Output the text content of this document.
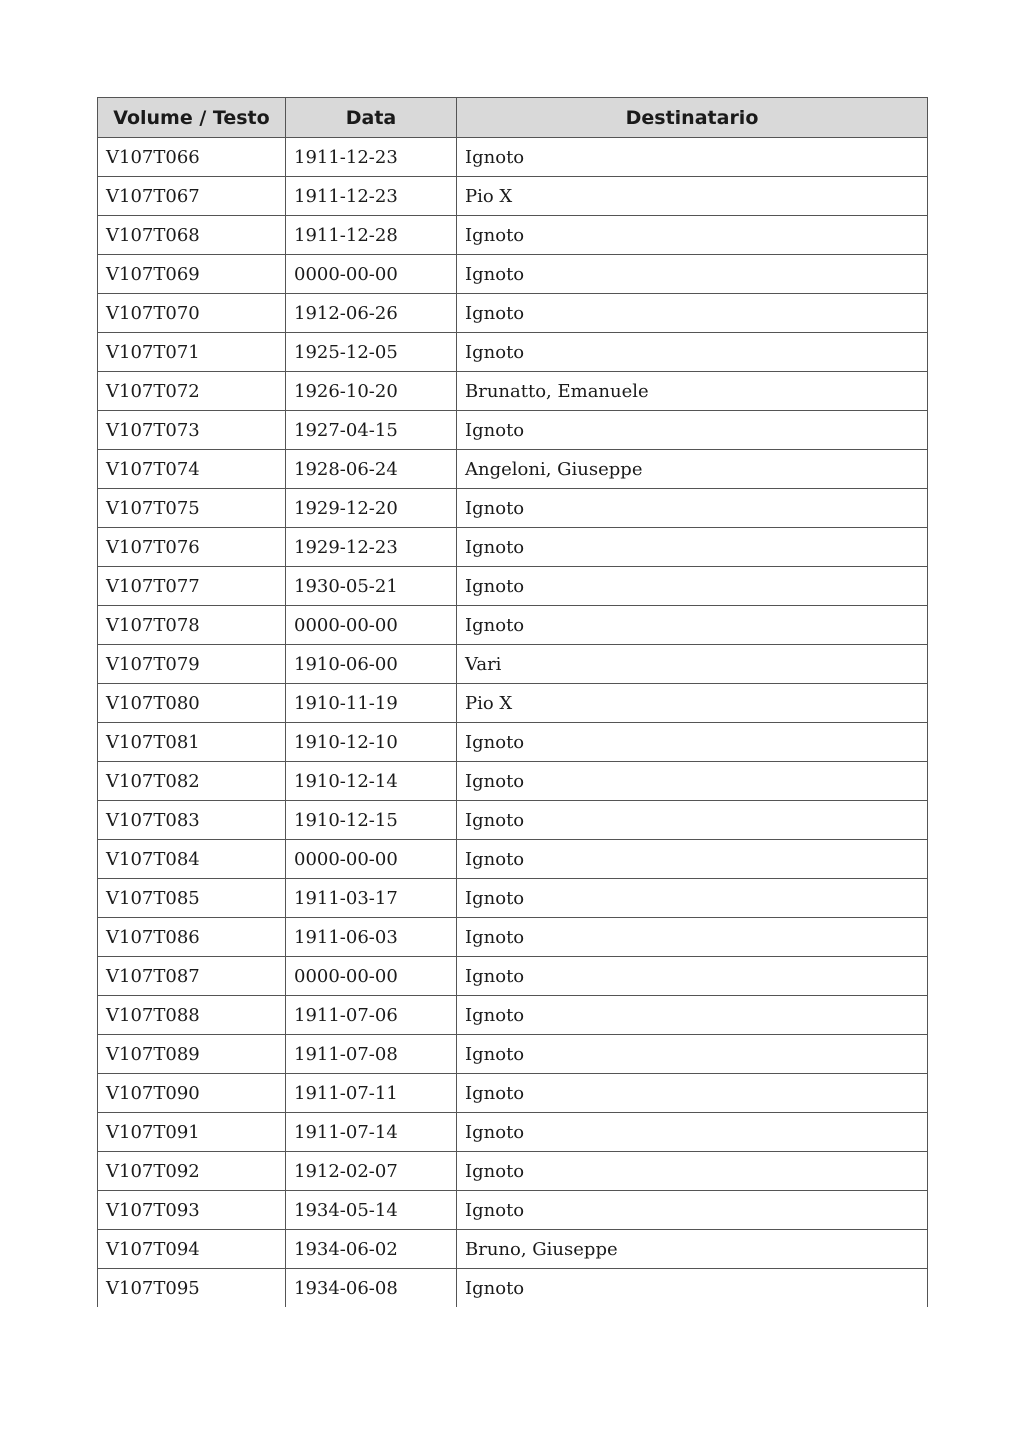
Volume / Testo	Data	Destinatario
V107T066	1911-12-23	Ignoto
V107T067	1911-12-23	Pio X
V107T068	1911-12-28	Ignoto
V107T069	0000-00-00	Ignoto
V107T070	1912-06-26	Ignoto
V107T071	1925-12-05	Ignoto
V107T072	1926-10-20	Brunatto, Emanuele
V107T073	1927-04-15	Ignoto
V107T074	1928-06-24	Angeloni, Giuseppe
V107T075	1929-12-20	Ignoto
V107T076	1929-12-23	Ignoto
V107T077	1930-05-21	Ignoto
V107T078	0000-00-00	Ignoto
V107T079	1910-06-00	Vari
V107T080	1910-11-19	Pio X
V107T081	1910-12-10	Ignoto
V107T082	1910-12-14	Ignoto
V107T083	1910-12-15	Ignoto
V107T084	0000-00-00	Ignoto
V107T085	1911-03-17	Ignoto
V107T086	1911-06-03	Ignoto
V107T087	0000-00-00	Ignoto
V107T088	1911-07-06	Ignoto
V107T089	1911-07-08	Ignoto
V107T090	1911-07-11	Ignoto
V107T091	1911-07-14	Ignoto
V107T092	1912-02-07	Ignoto
V107T093	1934-05-14	Ignoto
V107T094	1934-06-02	Bruno, Giuseppe
V107T095	1934-06-08	Ignoto
